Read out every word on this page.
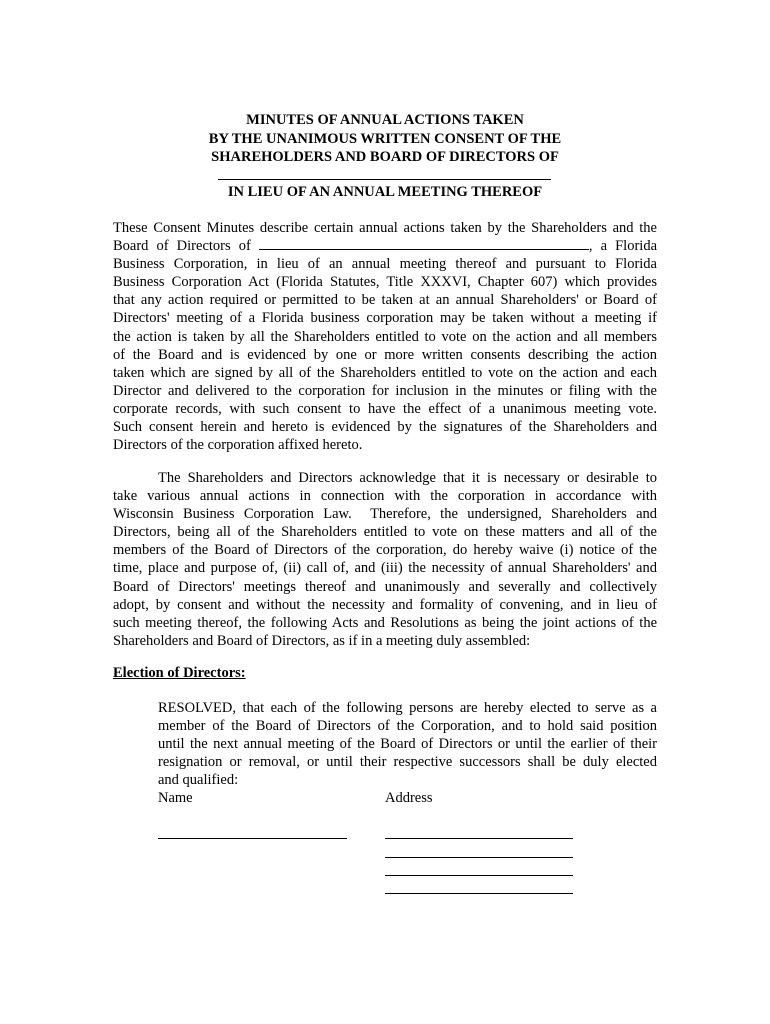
MINUTES OF ANNUAL ACTIONS TAKEN
BY THE UNANIMOUS WRITTEN CONSENT OF THE
SHAREHOLDERS AND BOARD OF DIRECTORS OF
IN LIEU OF AN ANNUAL MEETING THEREOF
These Consent Minutes describe certain annual actions taken by the Shareholders and the
Board of Directors of	, a Florida
Business Corporation, in lieu of an annual meeting thereof and pursuant to Florida
Business Corporation Act (Florida Statutes, Title XXXVI, Chapter 607) which provides
that any action required or permitted to be taken at an annual Shareholders' or Board of
Directors' meeting of a Florida business corporation may be taken without a meeting if
the action is taken by all the Shareholders entitled to vote on the action and all members
of the Board and is evidenced by one or more written consents describing the action
taken which are signed by all of the Shareholders entitled to vote on the action and each
Director and delivered to the corporation for inclusion in the minutes or filing with the
corporate records, with such consent to have the effect of a unanimous meeting vote.
Such consent herein and hereto is evidenced by the signatures of the Shareholders and
Directors of the corporation affixed hereto.
The Shareholders and Directors acknowledge that it is necessary or desirable to
take various annual actions in connection with the corporation in accordance with
Wisconsin Business Corporation Law.  Therefore, the undersigned, Shareholders and
Directors, being all of the Shareholders entitled to vote on these matters and all of the
members of the Board of Directors of the corporation, do hereby waive (i) notice of the
time, place and purpose of, (ii) call of, and (iii) the necessity of annual Shareholders' and
Board of Directors' meetings thereof and unanimously and severally and collectively
adopt, by consent and without the necessity and formality of convening, and in lieu of
such meeting thereof, the following Acts and Resolutions as being the joint actions of the
Shareholders and Board of Directors, as if in a meeting duly assembled:
Election of Directors:
RESOLVED, that each of the following persons are hereby elected to serve as a
member of the Board of Directors of the Corporation, and to hold said position
until the next annual meeting of the Board of Directors or until the earlier of their
resignation or removal, or until their respective successors shall be duly elected
and qualified:
Name	Address
